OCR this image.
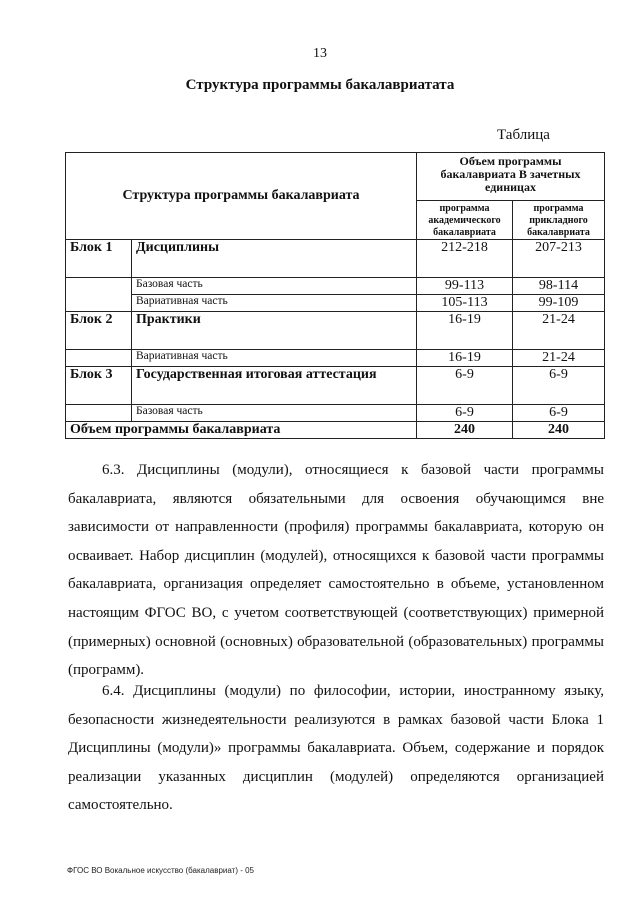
13
Структура программы бакалавриатата
Таблица
Структура программы бакалавриата		Объем программы бакалавриата В зачетных единицах	
		программа академического бакалавриата	программа прикладного бакалавриата
Блок 1	Дисциплины	212-218	207-213
	Базовая часть	99-113	98-114
	Вариативная часть	105-113	99-109
Блок 2	Практики	16-19	21-24
	Вариативная часть	16-19	21-24
Блок 3	Государственная итоговая аттестация	6-9	6-9
	Базовая часть	6-9	6-9
Объем программы бакалавриата		240	240
6.3. Дисциплины (модули), относящиеся к базовой части программы бакалавриата, являются обязательными для освоения обучающимся вне зависимости от направленности (профиля) программы бакалавриата, которую он осваивает. Набор дисциплин (модулей), относящихся к базовой части программы бакалавриата, организация определяет самостоятельно в объеме, установленном настоящим ФГОС ВО, с учетом соответствующей (соответствующих) примерной (примерных) основной (основных) образовательной (образовательных) программы (программ).
6.4. Дисциплины (модули) по философии, истории, иностранному языку, безопасности жизнедеятельности реализуются в рамках базовой части Блока 1 Дисциплины (модули)» программы бакалавриата. Объем, содержание и порядок реализации указанных дисциплин (модулей) определяются организацией самостоятельно.
ФГОС ВО Вокальное искусство (бакалавриат) - 05
